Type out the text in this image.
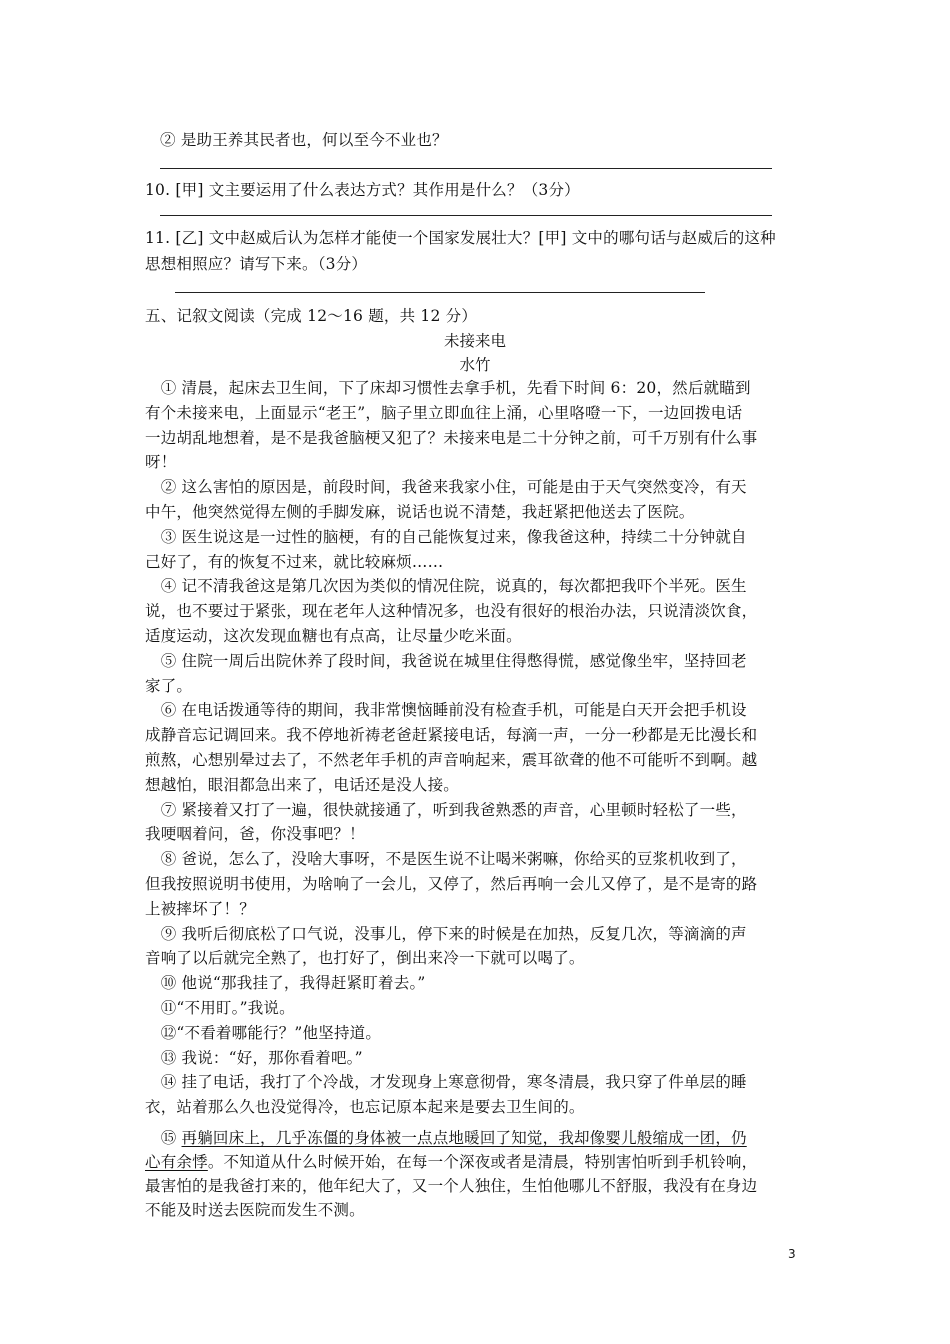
② 是助王养其民者也，何以至今不业也？
10. [甲] 文主要运用了什么表达方式？其作用是什么？（3分）
11. [乙] 文中赵威后认为怎样才能使一个国家发展壮大？[甲] 文中的哪句话与赵威后的这种
思想相照应？请写下来。（3分）
五、记叙文阅读（完成 12～16 题，共 12 分）
未接来电
水竹
　① 清晨，起床去卫生间，下了床却习惯性去拿手机，先看下时间 6：20，然后就瞄到
有个未接来电，上面显示“老王”，脑子里立即血往上涌，心里咯噔一下，一边回拨电话
一边胡乱地想着，是不是我爸脑梗又犯了？未接来电是二十分钟之前，可千万别有什么事
呀！
　② 这么害怕的原因是，前段时间，我爸来我家小住，可能是由于天气突然变冷，有天
中午，他突然觉得左侧的手脚发麻，说话也说不清楚，我赶紧把他送去了医院。
　③ 医生说这是一过性的脑梗，有的自己能恢复过来，像我爸这种，持续二十分钟就自
己好了，有的恢复不过来，就比较麻烦……
　④ 记不清我爸这是第几次因为类似的情况住院，说真的，每次都把我吓个半死。医生
说，也不要过于紧张，现在老年人这种情况多，也没有很好的根治办法，只说清淡饮食，
适度运动，这次发现血糖也有点高，让尽量少吃米面。
　⑤ 住院一周后出院休养了段时间，我爸说在城里住得憋得慌，感觉像坐牢，坚持回老
家了。
　⑥ 在电话拨通等待的期间，我非常懊恼睡前没有检查手机，可能是白天开会把手机设
成静音忘记调回来。我不停地祈祷老爸赶紧接电话，每滴一声，一分一秒都是无比漫长和
煎熬，心想别晕过去了，不然老年手机的声音响起来，震耳欲聋的他不可能听不到啊。越
想越怕，眼泪都急出来了，电话还是没人接。
　⑦ 紧接着又打了一遍，很快就接通了，听到我爸熟悉的声音，心里顿时轻松了一些，
我哽咽着问，爸，你没事吧？！
　⑧ 爸说，怎么了，没啥大事呀，不是医生说不让喝米粥嘛，你给买的豆浆机收到了，
但我按照说明书使用，为啥响了一会儿，又停了，然后再响一会儿又停了，是不是寄的路
上被摔坏了！？
　⑨ 我听后彻底松了口气说，没事儿，停下来的时候是在加热，反复几次，等滴滴的声
音响了以后就完全熟了，也打好了，倒出来冷一下就可以喝了。
　⑩ 他说“那我挂了，我得赶紧盯着去。”
　⑪“不用盯。”我说。
　⑫“不看着哪能行？”他坚持道。
　⑬ 我说：“好，那你看着吧。”
　⑭ 挂了电话，我打了个冷战，才发现身上寒意彻骨，寒冬清晨，我只穿了件单层的睡
衣，站着那么久也没觉得冷，也忘记原本起来是要去卫生间的。
　⑮ 再躺回床上，几乎冻僵的身体被一点点地暖回了知觉，我却像婴儿般缩成一团，仍
心有余悸。不知道从什么时候开始，在每一个深夜或者是清晨，特别害怕听到手机铃响，
最害怕的是我爸打来的，他年纪大了，又一个人独住，生怕他哪儿不舒服，我没有在身边
不能及时送去医院而发生不测。
3
